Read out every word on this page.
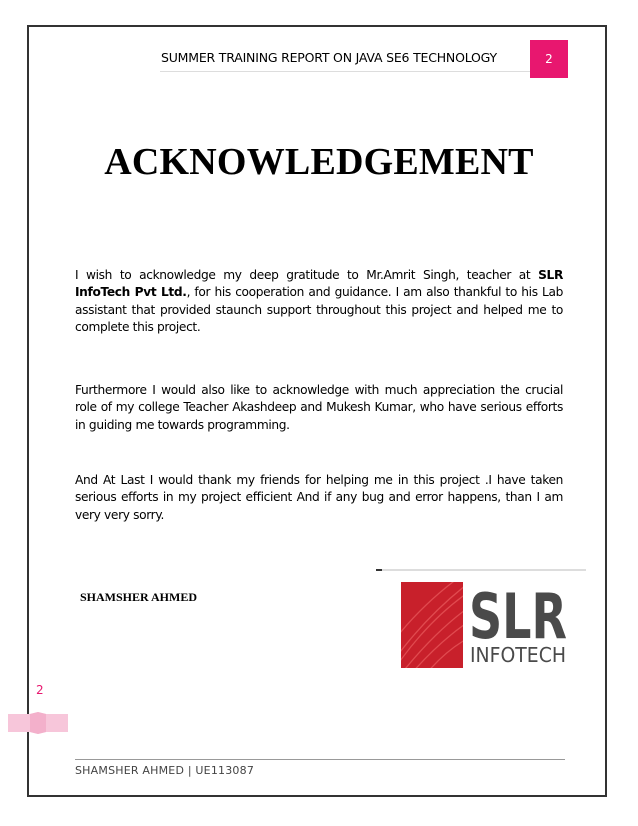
SUMMER TRAINING REPORT ON JAVA SE6 TECHNOLOGY	2
ACKNOWLEDGEMENT
I wish to acknowledge my deep gratitude to Mr.Amrit Singh, teacher at SLR InfoTech Pvt Ltd., for his cooperation and guidance. I am also thankful to his Lab assistant that provided staunch support throughout this project and helped me to complete this project.
Furthermore I would also like to acknowledge with much appreciation the crucial role of my college Teacher Akashdeep and Mukesh Kumar, who have serious efforts in guiding me towards programming.
And At Last I would thank my friends for helping me in this project .I have taken serious efforts in my project efficient And if any bug and error happens, than I am very very sorry.
SHAMSHER AHMED	SLR
INFOTECH
2
SHAMSHER AHMED | UE113087
